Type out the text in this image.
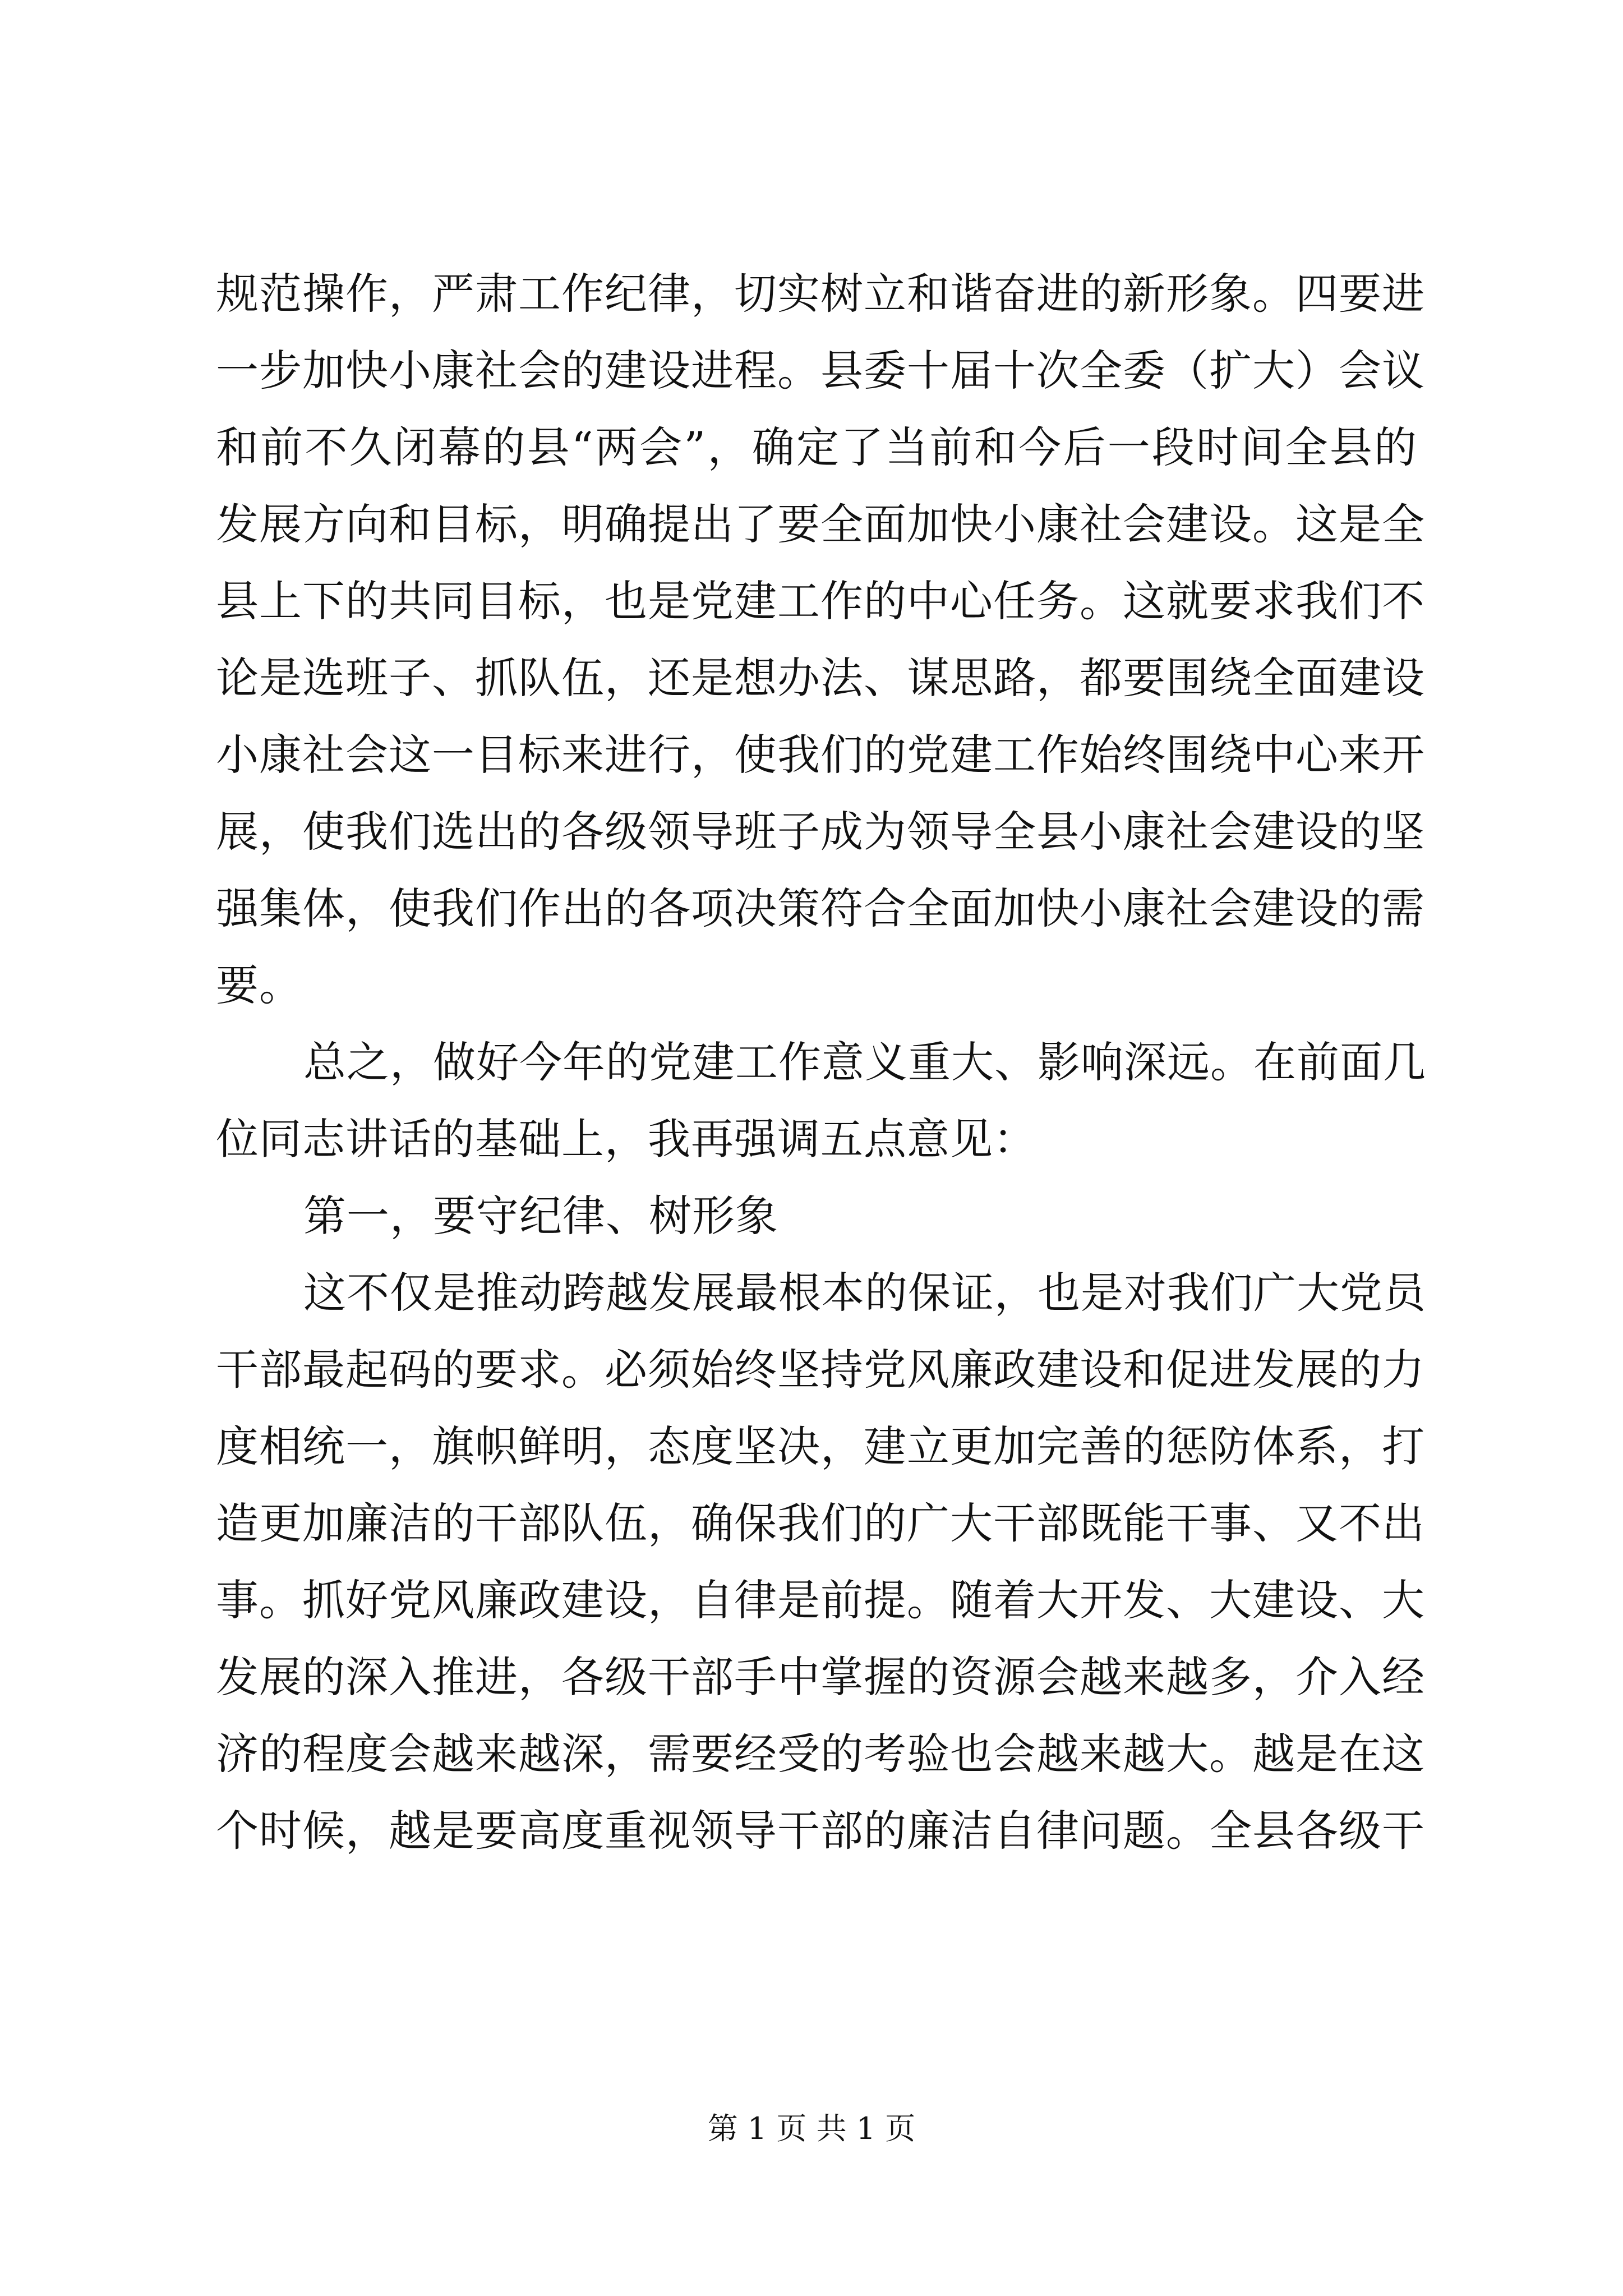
规范操作，严肃工作纪律，切实树立和谐奋进的新形象。四要进
一步加快小康社会的建设进程。县委十届十次全委（扩大）会议
和前不久闭幕的县“两会”，确定了当前和今后一段时间全县的
发展方向和目标，明确提出了要全面加快小康社会建设。这是全
县上下的共同目标，也是党建工作的中心任务。这就要求我们不
论是选班子、抓队伍，还是想办法、谋思路，都要围绕全面建设
小康社会这一目标来进行，使我们的党建工作始终围绕中心来开
展，使我们选出的各级领导班子成为领导全县小康社会建设的坚
强集体，使我们作出的各项决策符合全面加快小康社会建设的需
要。
总之，做好今年的党建工作意义重大、影响深远。在前面几
位同志讲话的基础上，我再强调五点意见：
第一，要守纪律、树形象
这不仅是推动跨越发展最根本的保证，也是对我们广大党员
干部最起码的要求。必须始终坚持党风廉政建设和促进发展的力
度相统一，旗帜鲜明，态度坚决，建立更加完善的惩防体系，打
造更加廉洁的干部队伍，确保我们的广大干部既能干事、又不出
事。抓好党风廉政建设，自律是前提。随着大开发、大建设、大
发展的深入推进，各级干部手中掌握的资源会越来越多，介入经
济的程度会越来越深，需要经受的考验也会越来越大。越是在这
个时候，越是要高度重视领导干部的廉洁自律问题。全县各级干
第 1 页 共 1 页
